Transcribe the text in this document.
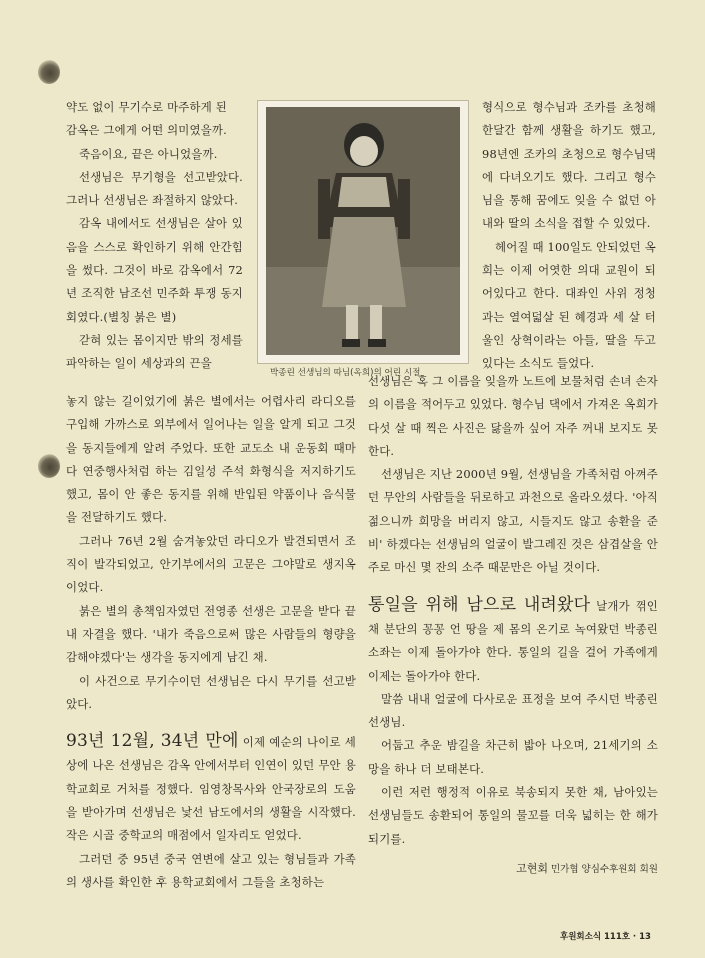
약도 없이 무기수로 마주하게 된

감옥은 그에게 어떤 의미였을까.

죽음이요, 끝은 아니었을까.

선생님은 무기형을 선고받았다. 그러나 선생님은 좌절하지 않았다.

감옥 내에서도 선생님은 살아 있음을 스스로 확인하기 위해 안간힘을 썼다. 그것이 바로 감옥에서 72년 조직한 남조선 민주화 투쟁 동지회였다.(별칭 붉은 별)

갇혀 있는 몸이지만 밖의 정세를 파악하는 일이 세상과의 끈을

박종린 선생님의 따님(옥희)의 어린 시절

형식으로 형수님과 조카를 초청해 한달간 함께 생활을 하기도 했고, 98년엔 조카의 초청으로 형수님댁에 다녀오기도 했다. 그리고 형수님을 통해 꿈에도 잊을 수 없던 아내와 딸의 소식을 접할 수 있었다.

헤어질 때 100일도 안되었던 옥희는 이제 어엿한 의대 교원이 되어있다고 한다. 대좌인 사위 정청과는 열여덟살 된 혜경과 세 살 터울인 상혁이라는 아들, 딸을 두고 있다는 소식도 들었다.

놓지 않는 길이었기에 붉은 별에서는 어렵사리 라디오를 구입해 가까스로 외부에서 일어나는 일을 알게 되고 그것을 동지들에게 알려 주었다. 또한 교도소 내 운동회 때마다 연중행사처럼 하는 김일성 주석 화형식을 저지하기도 했고, 몸이 안 좋은 동지를 위해 반입된 약품이나 음식물을 전달하기도 했다.

그러나 76년 2월 숨겨놓았던 라디오가 발견되면서 조직이 발각되었고, 안기부에서의 고문은 그야말로 생지옥이었다.

붉은 별의 총책임자였던 전영종 선생은 고문을 받다 끝내 자결을 했다. '내가 죽음으로써 많은 사람들의 형량을 감해야겠다'는 생각을 동지에게 남긴 채.

이 사건으로 무기수이던 선생님은 다시 무기를 선고받았다.

93년 12월, 34년 만에 이제 예순의 나이로 세상에 나온 선생님은 감옥 안에서부터 인연이 있던 무안 용학교회로 거처를 정했다. 임영창목사와 안국장로의 도움을 받아가며 선생님은 낯선 남도에서의 생활을 시작했다. 작은 시골 중학교의 매점에서 일자리도 얻었다.

그러던 중 95년 중국 연변에 살고 있는 형님들과 가족의 생사를 확인한 후 용학교회에서 그들을 초청하는

선생님은 혹 그 이름을 잊을까 노트에 보물처럼 손녀 손자의 이름을 적어두고 있었다. 형수님 댁에서 가져온 옥희가 다섯 살 때 찍은 사진은 닳을까 싶어 자주 꺼내 보지도 못한다.

선생님은 지난 2000년 9월, 선생님을 가족처럼 아껴주던 무안의 사람들을 뒤로하고 과천으로 올라오셨다. '아직 젊으니까 희망을 버리지 않고, 시들지도 않고 송환을 준비' 하겠다는 선생님의 얼굴이 발그레진 것은 삼겹살을 안주로 마신 몇 잔의 소주 때문만은 아닐 것이다.

통일을 위해 남으로 내려왔다 날개가 꺾인 채 분단의 꽁꽁 언 땅을 제 몸의 온기로 녹여왔던 박종린 소좌는 이제 돌아가야 한다. 통일의 길을 걸어 가족에게 이제는 돌아가야 한다.

말씀 내내 얼굴에 다사로운 표정을 보여 주시던 박종린 선생님.

어둡고 추운 밤길을 차근히 밟아 나오며, 21세기의 소망을 하나 더 보태본다.

이런 저런 행정적 이유로 북송되지 못한 채, 남아있는 선생님들도 송환되어 통일의 물꼬를 더욱 넓히는 한 해가 되기를.

고현회 민가협 양심수후원회 회원
후원회소식 111호 · 13
